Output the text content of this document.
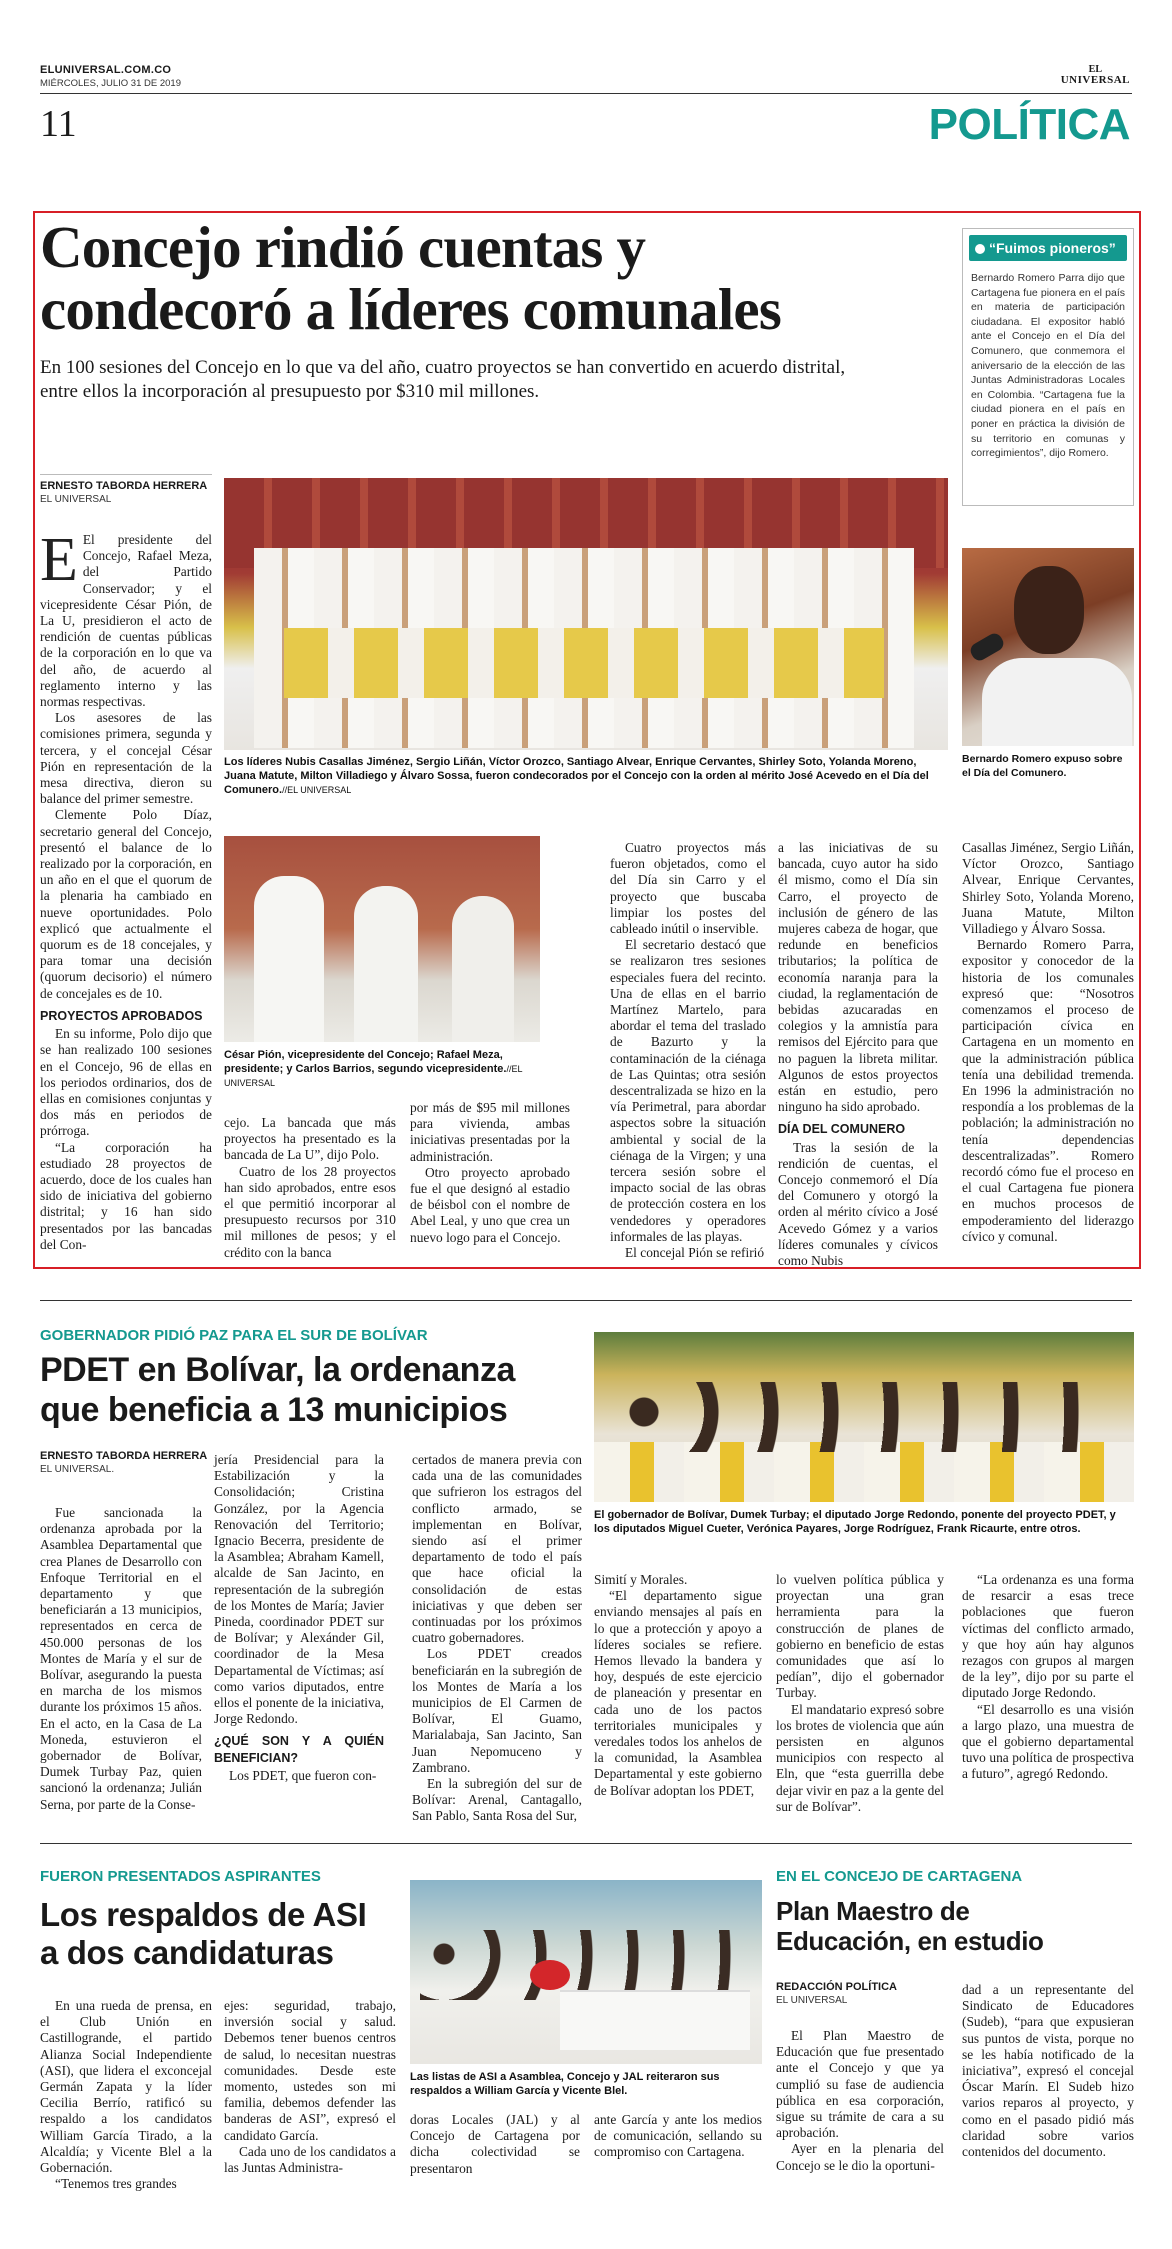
ELUNIVERSAL.COM.CO
MIÉRCOLES, JULIO 31 DE 2019
EL
UNIVERSAL
11	POLÍTICA
Concejo rindió cuentas y
condecoró a líderes comunales
En 100 sesiones del Concejo en lo que va del año, cuatro proyectos se han convertido en acuerdo distrital, entre ellos la incorporación al presupuesto por $310 mil millones.
“Fuimos pioneros”
Bernardo Romero Parra dijo que Cartagena fue pionera en el país en materia de participación ciudadana. El expositor habló ante el Concejo en el Día del Comunero, que conmemora el aniversario de la elección de las Juntas Administradoras Locales en Colombia. “Cartagena fue la ciudad pionera en el país en poner en práctica la división de su territorio en comunas y corregimientos”, dijo Romero.
Bernardo Romero expuso sobre el Día del Comunero.
ERNESTO TABORDA HERRERA
EL UNIVERSAL
Los líderes Nubis Casallas Jiménez, Sergio Liñán, Víctor Orozco, Santiago Alvear, Enrique Cervantes, Shirley Soto, Yolanda Moreno, Juana Matute, Milton Villadiego y Álvaro Sossa, fueron condecorados por el Concejo con la orden al mérito José Acevedo en el Día del Comunero.//EL UNIVERSAL
César Pión, vicepresidente del Concejo; Rafael Meza, presidente; y Carlos Barrios, segundo vicepresidente.//EL UNIVERSAL

E El presidente del Concejo, Rafael Meza, del Partido Conservador; y el vicepresidente César Pión, de La U, presidieron el acto de rendición de cuentas públicas de la corporación en lo que va del año, de acuerdo al reglamento interno y las normas respectivas.

Los asesores de las comisiones primera, segunda y tercera, y el concejal César Pión en representación de la mesa directiva, dieron su balance del primer semestre.

Clemente Polo Díaz, secretario general del Concejo, presentó el balance de lo realizado por la corporación, en un año en el que el quorum de la plenaria ha cambiado en nueve oportunidades. Polo explicó que actualmente el quorum es de 18 concejales, y para tomar una decisión (quorum decisorio) el número de concejales es de 10.

PROYECTOS APROBADOS

En su informe, Polo dijo que se han realizado 100 sesiones en el Concejo, 96 de ellas en los periodos ordinarios, dos de ellas en comisiones conjuntas y dos más en periodos de prórroga.

“La corporación ha estudiado 28 proyectos de acuerdo, doce de los cuales han sido de iniciativa del gobierno distrital; y 16 han sido presentados por las bancadas del Con-

cejo. La bancada que más proyectos ha presentado es la bancada de La U”, dijo Polo.

Cuatro de los 28 proyectos han sido aprobados, entre esos el que permitió incorporar al presupuesto recursos por 310 mil millones de pesos; y el crédito con la banca

por más de $95 mil millones para vivienda, ambas iniciativas presentadas por la administración.

Otro proyecto aprobado fue el que designó al estadio de béisbol con el nombre de Abel Leal, y uno que crea un nuevo logo para el Concejo.

Cuatro proyectos más fueron objetados, como el del Día sin Carro y el proyecto que buscaba limpiar los postes del cableado inútil o inservible.

El secretario destacó que se realizaron tres sesiones especiales fuera del recinto. Una de ellas en el barrio Martínez Martelo, para abordar el tema del traslado de Bazurto y la contaminación de la ciénaga de Las Quintas; otra sesión descentralizada se hizo en la vía Perimetral, para abordar aspectos sobre la situación ambiental y social de la ciénaga de la Virgen; y una tercera sesión sobre el impacto social de las obras de protección costera en los vendedores y operadores informales de las playas.

El concejal Pión se refirió

a las iniciativas de su bancada, cuyo autor ha sido él mismo, como el Día sin Carro, el proyecto de inclusión de género de las mujeres cabeza de hogar, que redunde en beneficios tributarios; la política de economía naranja para la ciudad, la reglamentación de bebidas azucaradas en colegios y la amnistía para remisos del Ejército para que no paguen la libreta militar. Algunos de estos proyectos están en estudio, pero ninguno ha sido aprobado.

DÍA DEL COMUNERO

Tras la sesión de la rendición de cuentas, el Concejo conmemoró el Día del Comunero y otorgó la orden al mérito cívico a José Acevedo Gómez y a varios líderes comunales y cívicos como Nubis

Casallas Jiménez, Sergio Liñán, Víctor Orozco, Santiago Alvear, Enrique Cervantes, Shirley Soto, Yolanda Moreno, Juana Matute, Milton Villadiego y Álvaro Sossa.

Bernardo Romero Parra, expositor y conocedor de la historia de los comunales expresó que: “Nosotros comenzamos el proceso de participación cívica en Cartagena en un momento en que la administración pública tenía una debilidad tremenda. En 1996 la administración no respondía a los problemas de la población; la administración no tenía dependencias descentralizadas”. Romero recordó cómo fue el proceso en el cual Cartagena fue pionera en muchos procesos de empoderamiento del liderazgo cívico y comunal.

GOBERNADOR PIDIÓ PAZ PARA EL SUR DE BOLÍVAR
PDET en Bolívar, la ordenanza
que beneficia a 13 municipios
ERNESTO TABORDA HERRERA
EL UNIVERSAL.
El gobernador de Bolívar, Dumek Turbay; el diputado Jorge Redondo, ponente del proyecto PDET, y los diputados Miguel Cueter, Verónica Payares, Jorge Rodríguez, Frank Ricaurte, entre otros.

Fue sancionada la ordenanza aprobada por la Asamblea Departamental que crea Planes de Desarrollo con Enfoque Territorial en el departamento y que beneficiarán a 13 municipios, representados en cerca de 450.000 personas de los Montes de María y el sur de Bolívar, asegurando la puesta en marcha de los mismos durante los próximos 15 años. En el acto, en la Casa de La Moneda, estuvieron el gobernador de Bolívar, Dumek Turbay Paz, quien sancionó la ordenanza; Julián Serna, por parte de la Conse-

jería Presidencial para la Estabilización y la Consolidación; Cristina González, por la Agencia Renovación del Territorio; Ignacio Becerra, presidente de la Asamblea; Abraham Kamell, alcalde de San Jacinto, en representación de la subregión de los Montes de María; Javier Pineda, coordinador PDET sur de Bolívar; y Alexánder Gil, coordinador de la Mesa Departamental de Víctimas; así como varios diputados, entre ellos el ponente de la iniciativa, Jorge Redondo.

¿QUÉ SON Y A QUIÉN BENEFICIAN?

Los PDET, que fueron con-

certados de manera previa con cada una de las comunidades que sufrieron los estragos del conflicto armado, se implementan en Bolívar, siendo así el primer departamento de todo el país que hace oficial la consolidación de estas iniciativas y que deben ser continuadas por los próximos cuatro gobernadores.

Los PDET creados beneficiarán en la subregión de los Montes de María a los municipios de El Carmen de Bolívar, El Guamo, Marialabaja, San Jacinto, San Juan Nepomuceno y Zambrano.

En la subregión del sur de Bolívar: Arenal, Cantagallo, San Pablo, Santa Rosa del Sur,

Simití y Morales.

“El departamento sigue enviando mensajes al país en lo que a protección y apoyo a líderes sociales se refiere. Hemos llevado la bandera y hoy, después de este ejercicio de planeación y presentar en cada uno de los pactos territoriales municipales y veredales todos los anhelos de la comunidad, la Asamblea Departamental y este gobierno de Bolívar adoptan los PDET,

lo vuelven política pública y proyectan una gran herramienta para la construcción de planes de gobierno en beneficio de estas comunidades que así lo pedían”, dijo el gobernador Turbay.

El mandatario expresó sobre los brotes de violencia que aún persisten en algunos municipios con respecto al Eln, que “esta guerrilla debe dejar vivir en paz a la gente del sur de Bolívar”.

“La ordenanza es una forma de resarcir a esas trece poblaciones que fueron víctimas del conflicto armado, y que hoy aún hay algunos rezagos con grupos al margen de la ley”, dijo por su parte el diputado Jorge Redondo.

“El desarrollo es una visión a largo plazo, una muestra de que el gobierno departamental tuvo una política de prospectiva a futuro”, agregó Redondo.

FUERON PRESENTADOS ASPIRANTES
Los respaldos de ASI
a dos candidaturas
Las listas de ASI a Asamblea, Concejo y JAL reiteraron sus respaldos a William García y Vicente Blel.

En una rueda de prensa, en el Club Unión en Castillogrande, el partido Alianza Social Independiente (ASI), que lidera el exconcejal Germán Zapata y la líder Cecilia Berrío, ratificó su respaldo a los candidatos William García Tirado, a la Alcaldía; y Vicente Blel a la Gobernación.

“Tenemos tres grandes

ejes: seguridad, trabajo, inversión social y salud. Debemos tener buenos centros de salud, lo necesitan nuestras comunidades. Desde este momento, ustedes son mi familia, debemos defender las banderas de ASI”, expresó el candidato García.

Cada uno de los candidatos a las Juntas Administra-

doras Locales (JAL) y al Concejo de Cartagena por dicha colectividad se presentaron

ante García y ante los medios de comunicación, sellando su compromiso con Cartagena.

EN EL CONCEJO DE CARTAGENA
Plan Maestro de
Educación, en estudio
REDACCIÓN POLÍTICA
EL UNIVERSAL

El Plan Maestro de Educación que fue presentado ante el Concejo y que ya cumplió su fase de audiencia pública en esa corporación, sigue su trámite de cara a su aprobación.

Ayer en la plenaria del Concejo se le dio la oportuni-

dad a un representante del Sindicato de Educadores (Sudeb), “para que expusieran sus puntos de vista, porque no se les había notificado de la iniciativa”, expresó el concejal Óscar Marín. El Sudeb hizo varios reparos al proyecto, y como en el pasado pidió más claridad sobre varios contenidos del documento.
